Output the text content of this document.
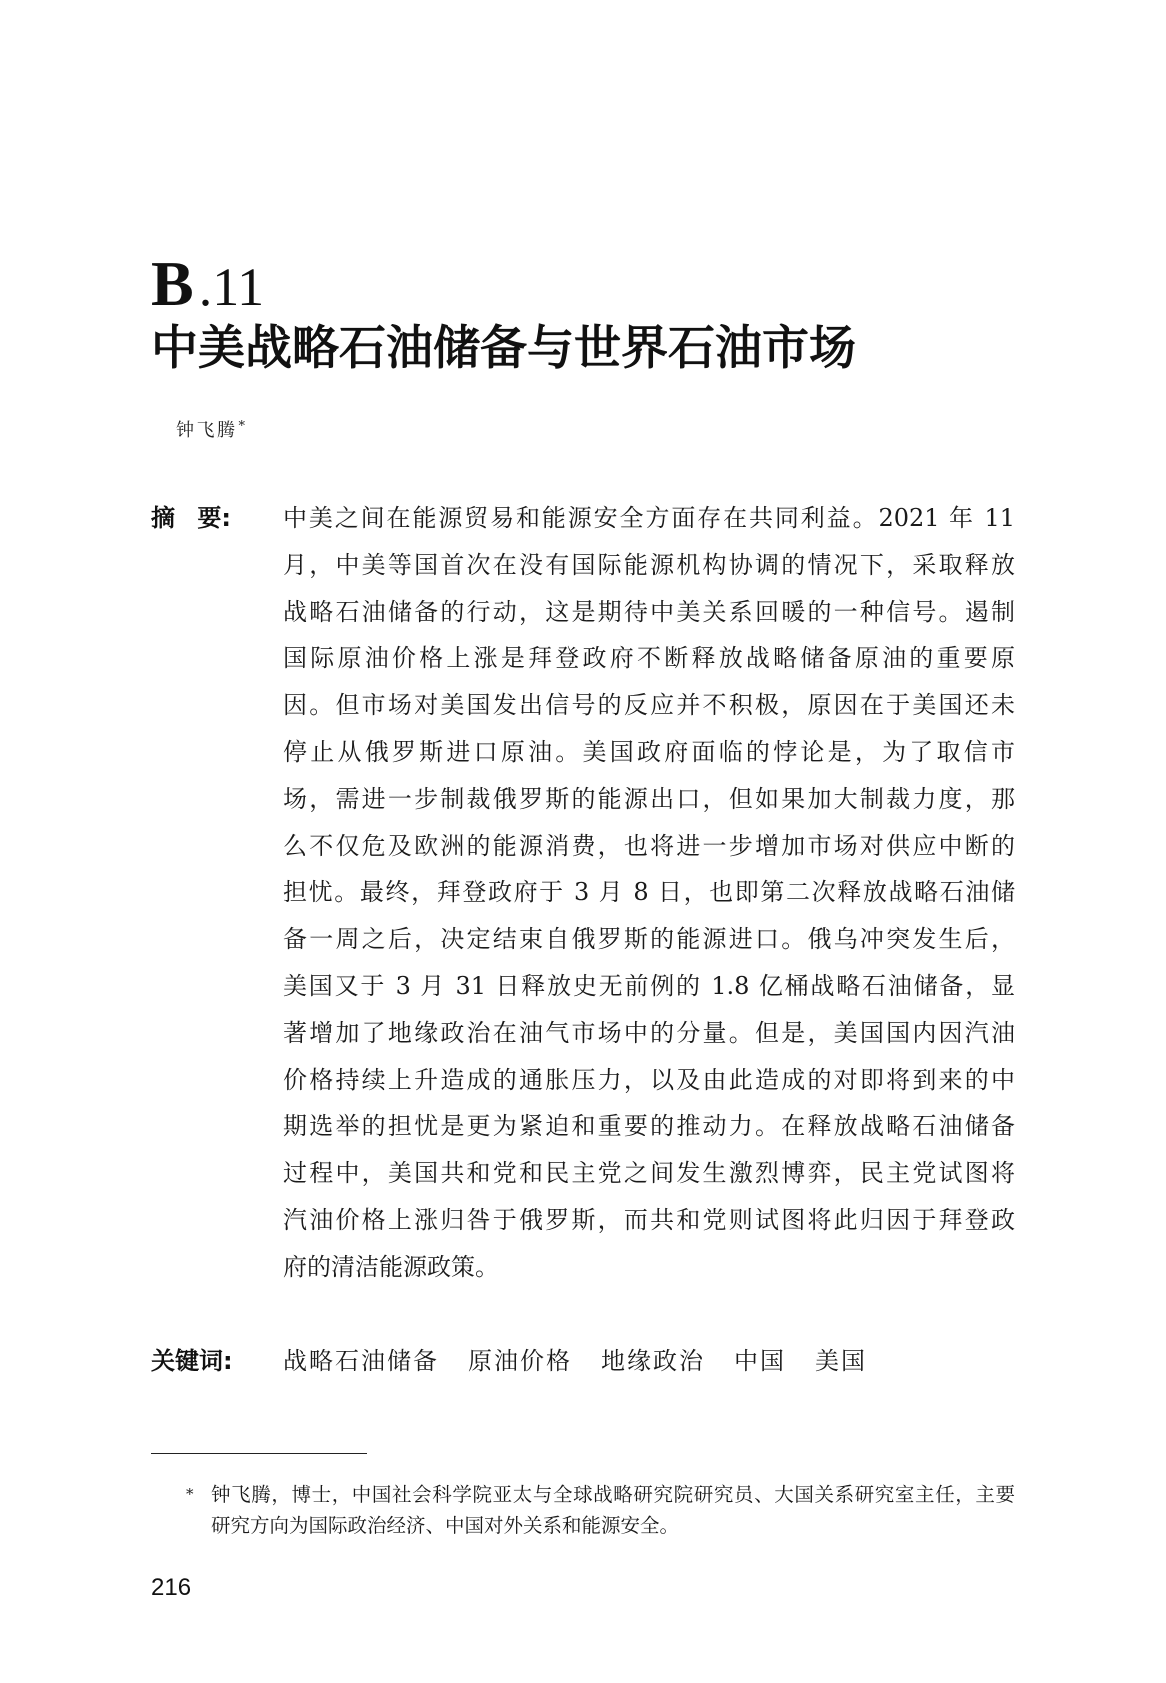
B .11
中美战略石油储备与世界石油市场
钟飞腾*
摘 要: 中美之间在能源贸易和能源安全方面存在共同利益。2021 年 11
月，中美等国首次在没有国际能源机构协调的情况下，采取释放
战略石油储备的行动，这是期待中美关系回暖的一种信号。遏制
国际原油价格上涨是拜登政府不断释放战略储备原油的重要原
因。但市场对美国发出信号的反应并不积极，原因在于美国还未
停止从俄罗斯进口原油。美国政府面临的悖论是，为了取信市
场，需进一步制裁俄罗斯的能源出口，但如果加大制裁力度，那
么不仅危及欧洲的能源消费，也将进一步增加市场对供应中断的
担忧。最终，拜登政府于 3 月 8 日，也即第二次释放战略石油储
备一周之后，决定结束自俄罗斯的能源进口。俄乌冲突发生后，
美国又于 3 月 31 日释放史无前例的 1.8 亿桶战略石油储备，显
著增加了地缘政治在油气市场中的分量。但是，美国国内因汽油
价格持续上升造成的通胀压力，以及由此造成的对即将到来的中
期选举的担忧是更为紧迫和重要的推动力。在释放战略石油储备
过程中，美国共和党和民主党之间发生激烈博弈，民主党试图将
汽油价格上涨归咎于俄罗斯，而共和党则试图将此归因于拜登政
府的清洁能源政策。
关键词: 战略石油储备 原油价格 地缘政治 中国 美国
* 钟飞腾，博士，中国社会科学院亚太与全球战略研究院研究员、大国关系研究室主任，主要
研究方向为国际政治经济、中国对外关系和能源安全。
216
